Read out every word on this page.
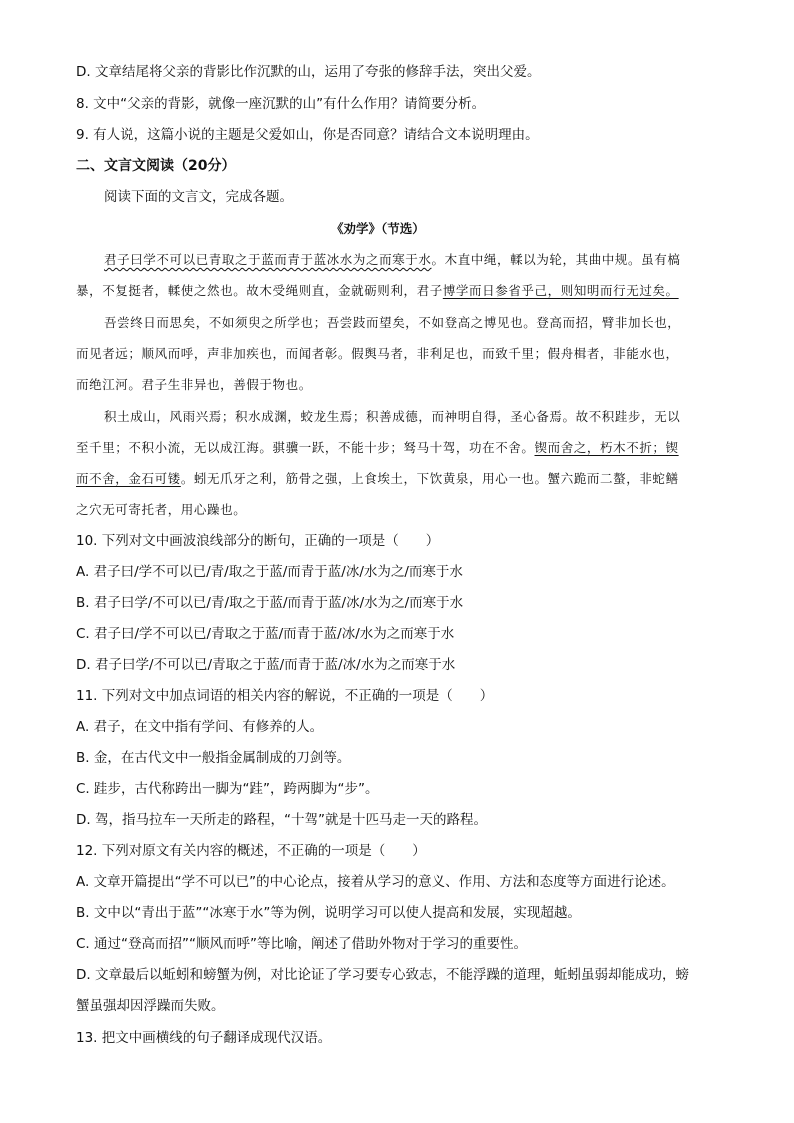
D. 文章结尾将父亲的背影比作沉默的山，运用了夸张的修辞手法，突出父爱。
8. 文中“父亲的背影，就像一座沉默的山”有什么作用？请简要分析。
9. 有人说，这篇小说的主题是父爱如山，你是否同意？请结合文本说明理由。
二、文言文阅读（20分）
阅读下面的文言文，完成各题。
《劝学》（节选）
君子曰学不可以已青取之于蓝而青于蓝冰水为之而寒于水。木直中绳，輮以为轮，其曲中规。虽有槁
暴，不复挺者，輮使之然也。故木受绳则直，金就砺则利，君子博学而日参省乎己，则知明而行无过矣。
吾尝终日而思矣，不如须臾之所学也；吾尝跂而望矣，不如登高之博见也。登高而招，臂非加长也，
而见者远；顺风而呼，声非加疾也，而闻者彰。假舆马者，非利足也，而致千里；假舟楫者，非能水也，
而绝江河。君子生非异也，善假于物也。
积土成山，风雨兴焉；积水成渊，蛟龙生焉；积善成德，而神明自得，圣心备焉。故不积跬步，无以
至千里；不积小流，无以成江海。骐骥一跃，不能十步；驽马十驾，功在不舍。锲而舍之，朽木不折；锲
而不舍，金石可镂。蚓无爪牙之利，筋骨之强，上食埃土，下饮黄泉，用心一也。蟹六跪而二螯，非蛇鳝
之穴无可寄托者，用心躁也。
10. 下列对文中画波浪线部分的断句，正确的一项是（　　）
A. 君子曰/学不可以已/青/取之于蓝/而青于蓝/冰/水为之/而寒于水
B. 君子曰学/不可以已/青/取之于蓝/而青于蓝/冰/水为之/而寒于水
C. 君子曰/学不可以已/青取之于蓝/而青于蓝/冰/水为之而寒于水
D. 君子曰学/不可以已/青取之于蓝/而青于蓝/冰/水为之而寒于水
11. 下列对文中加点词语的相关内容的解说，不正确的一项是（　　）
A. 君子，在文中指有学问、有修养的人。
B. 金，在古代文中一般指金属制成的刀剑等。
C. 跬步，古代称跨出一脚为“跬”，跨两脚为“步”。
D. 驾，指马拉车一天所走的路程，“十驾”就是十匹马走一天的路程。
12. 下列对原文有关内容的概述，不正确的一项是（　　）
A. 文章开篇提出“学不可以已”的中心论点，接着从学习的意义、作用、方法和态度等方面进行论述。
B. 文中以“青出于蓝”“冰寒于水”等为例，说明学习可以使人提高和发展，实现超越。
C. 通过“登高而招”“顺风而呼”等比喻，阐述了借助外物对于学习的重要性。
D. 文章最后以蚯蚓和螃蟹为例，对比论证了学习要专心致志，不能浮躁的道理，蚯蚓虽弱却能成功，螃
蟹虽强却因浮躁而失败。
13. 把文中画横线的句子翻译成现代汉语。
